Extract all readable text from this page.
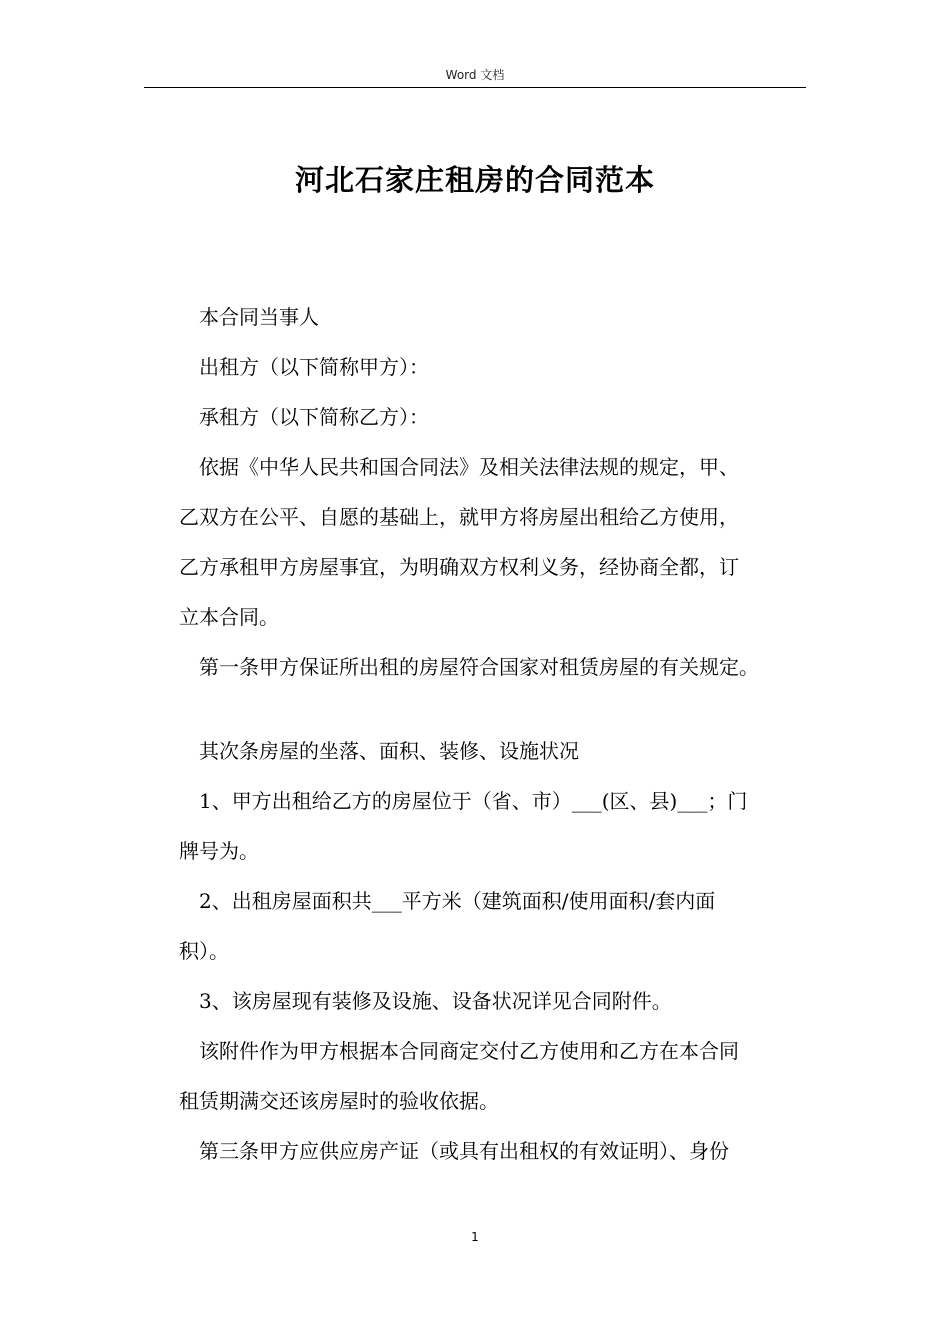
Word 文档
河北石家庄租房的合同范本

本合同当事人

出租方（以下简称甲方）：

承租方（以下简称乙方）：

依据《中华人民共和国合同法》及相关法律法规的规定，甲、

乙双方在公平、自愿的基础上，就甲方将房屋出租给乙方使用，

乙方承租甲方房屋事宜，为明确双方权利义务，经协商全都，订

立本合同。

第一条甲方保证所出租的房屋符合国家对租赁房屋的有关规定。

其次条房屋的坐落、面积、装修、设施状况

1、甲方出租给乙方的房屋位于（省、市）___(区、县)___；门

牌号为。

2、出租房屋面积共___平方米（建筑面积/使用面积/套内面

积）。

3、该房屋现有装修及设施、设备状况详见合同附件。

该附件作为甲方根据本合同商定交付乙方使用和乙方在本合同

租赁期满交还该房屋时的验收依据。

第三条甲方应供应房产证（或具有出租权的有效证明）、身份

1
